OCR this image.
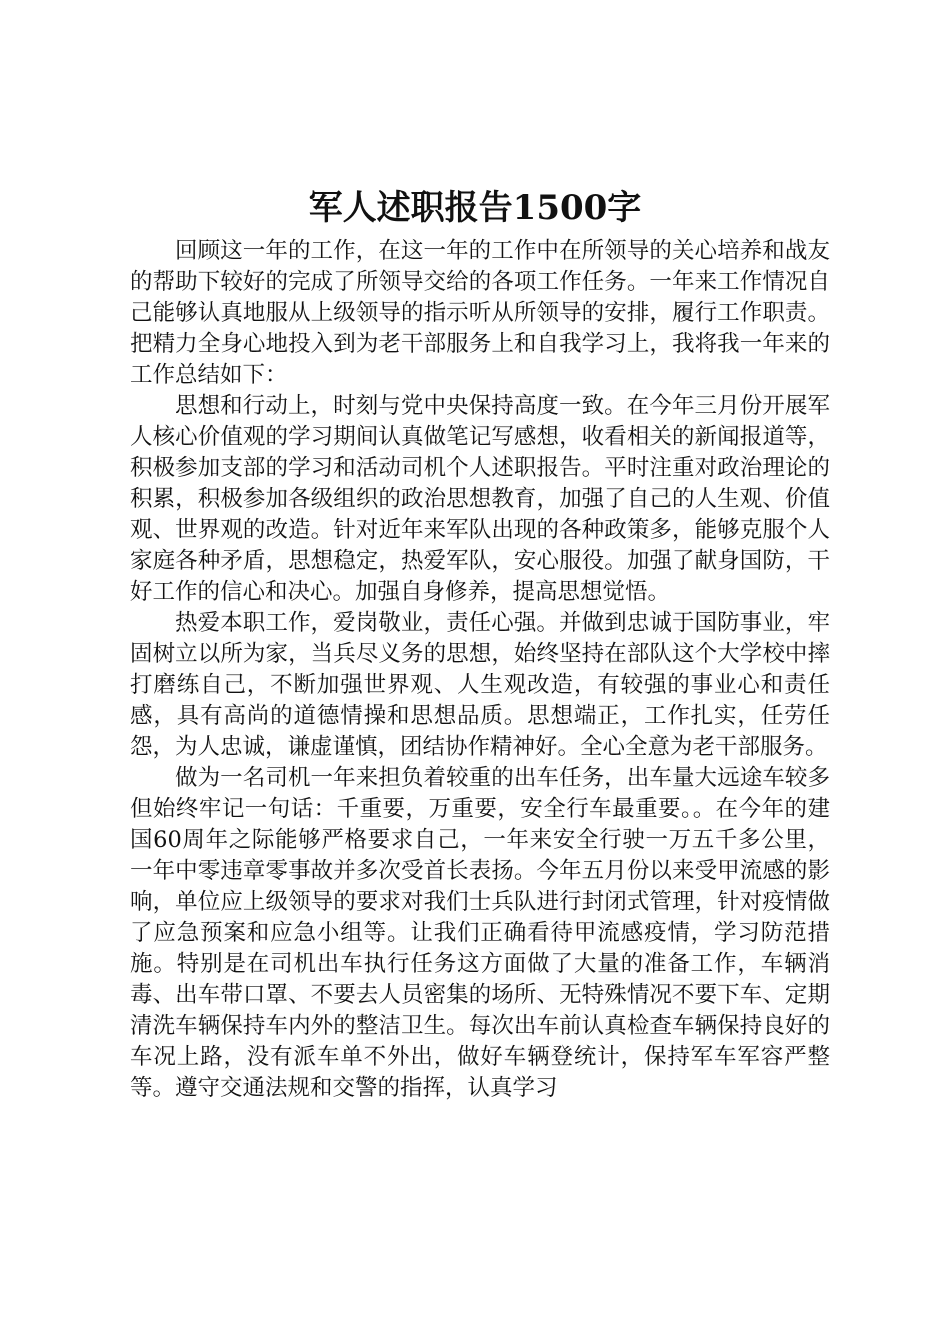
军人述职报告1500字

回顾这一年的工作，在这一年的工作中在所领导的关心培养和战友的帮助下较好的完成了所领导交给的各项工作任务。一年来工作情况自己能够认真地服从上级领导的指示听从所领导的安排，履行工作职责。把精力全身心地投入到为老干部服务上和自我学习上，我将我一年来的工作总结如下：

思想和行动上，时刻与党中央保持高度一致。在今年三月份开展军人核心价值观的学习期间认真做笔记写感想，收看相关的新闻报道等，积极参加支部的学习和活动司机个人述职报告。平时注重对政治理论的积累，积极参加各级组织的政治思想教育，加强了自己的人生观、价值观、世界观的改造。针对近年来军队出现的各种政策多，能够克服个人家庭各种矛盾，思想稳定，热爱军队，安心服役。加强了献身国防，干好工作的信心和决心。加强自身修养，提高思想觉悟。

热爱本职工作，爱岗敬业，责任心强。并做到忠诚于国防事业，牢固树立以所为家，当兵尽义务的思想，始终坚持在部队这个大学校中摔打磨练自己，不断加强世界观、人生观改造，有较强的事业心和责任感，具有高尚的道德情操和思想品质。思想端正，工作扎实，任劳任怨，为人忠诚，谦虚谨慎，团结协作精神好。全心全意为老干部服务。

做为一名司机一年来担负着较重的出车任务，出车量大远途车较多但始终牢记一句话：千重要，万重要，安全行车最重要。。在今年的建国60周年之际能够严格要求自己，一年来安全行驶一万五千多公里，一年中零违章零事故并多次受首长表扬。今年五月份以来受甲流感的影响，单位应上级领导的要求对我们士兵队进行封闭式管理，针对疫情做了应急预案和应急小组等。让我们正确看待甲流感疫情，学习防范措施。特别是在司机出车执行任务这方面做了大量的准备工作，车辆消毒、出车带口罩、不要去人员密集的场所、无特殊情况不要下车、定期清洗车辆保持车内外的整洁卫生。每次出车前认真检查车辆保持良好的车况上路，没有派车单不外出，做好车辆登统计，保持军车军容严整等。遵守交通法规和交警的指挥，认真学习
